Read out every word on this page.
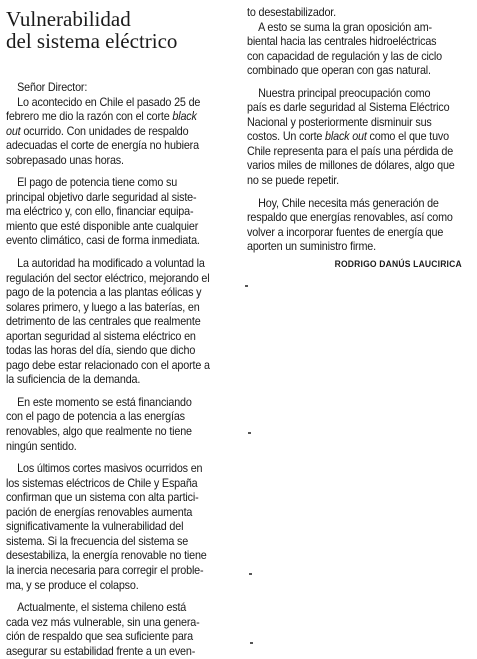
Vulnerabilidad
del sistema eléctrico
Señor Director:
Lo acontecido en Chile el pasado 25 de
febrero me dio la razón con el corte black
out ocurrido. Con unidades de respaldo
adecuadas el corte de energía no hubiera
sobrepasado unas horas.
El pago de potencia tiene como su
principal objetivo darle seguridad al siste-
ma eléctrico y, con ello, financiar equipa-
miento que esté disponible ante cualquier
evento climático, casi de forma inmediata.
La autoridad ha modificado a voluntad la
regulación del sector eléctrico, mejorando el
pago de la potencia a las plantas eólicas y
solares primero, y luego a las baterías, en
detrimento de las centrales que realmente
aportan seguridad al sistema eléctrico en
todas las horas del día, siendo que dicho
pago debe estar relacionado con el aporte a
la suficiencia de la demanda.
En este momento se está financiando
con el pago de potencia a las energías
renovables, algo que realmente no tiene
ningún sentido.
Los últimos cortes masivos ocurridos en
los sistemas eléctricos de Chile y España
confirman que un sistema con alta partici-
pación de energías renovables aumenta
significativamente la vulnerabilidad del
sistema. Si la frecuencia del sistema se
desestabiliza, la energía renovable no tiene
la inercia necesaria para corregir el proble-
ma, y se produce el colapso.
Actualmente, el sistema chileno está
cada vez más vulnerable, sin una genera-
ción de respaldo que sea suficiente para
asegurar su estabilidad frente a un even-
to desestabilizador.
A esto se suma la gran oposición am-
biental hacia las centrales hidroeléctricas
con capacidad de regulación y las de ciclo
combinado que operan con gas natural.
Nuestra principal preocupación como
país es darle seguridad al Sistema Eléctrico
Nacional y posteriormente disminuir sus
costos. Un corte black out como el que tuvo
Chile representa para el país una pérdida de
varios miles de millones de dólares, algo que
no se puede repetir.
Hoy, Chile necesita más generación de
respaldo que energías renovables, así como
volver a incorporar fuentes de energía que
aporten un suministro firme.
RODRIGO DANÚS LAUCIRICA
